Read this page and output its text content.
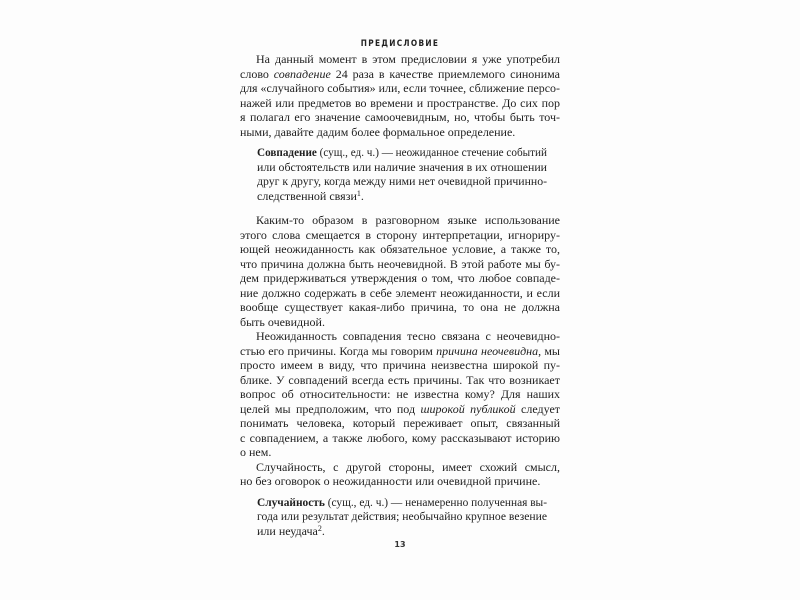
ПРЕДИСЛОВИЕ
На данный момент в этом предисловии я уже употребил
слово совпадение 24 раза в качестве приемлемого синонима
для «случайного события» или, если точнее, сближение персо-
нажей или предметов во времени и пространстве. До сих пор
я полагал его значение самоочевидным, но, чтобы быть точ-
ными, давайте дадим более формальное определение.
Совпадение (сущ., ед. ч.) — неожиданное стечение событий
или обстоятельств или наличие значения в их отношении
друг к другу, когда между ними нет очевидной причинно-
следственной связи$^1$.
Каким-то образом в разговорном языке использование
этого слова смещается в сторону интерпретации, игнориру-
ющей неожиданность как обязательное условие, а также то,
что причина должна быть неочевидной. В этой работе мы бу-
дем придерживаться утверждения о том, что любое совпаде-
ние должно содержать в себе элемент неожиданности, и если
вообще существует какая-либо причина, то она не должна
быть очевидной.
Неожиданность совпадения тесно связана с неочевидно-
стью его причины. Когда мы говорим причина неочевидна, мы
просто имеем в виду, что причина неизвестна широкой пу-
блике. У совпадений всегда есть причины. Так что возникает
вопрос об относительности: не известна кому? Для наших
целей мы предположим, что под широкой публикой следует
понимать человека, который переживает опыт, связанный
с совпадением, а также любого, кому рассказывают историю
о нем.
Случайность, с другой стороны, имеет схожий смысл,
но без оговорок о неожиданности или очевидной причине.
Случайность (сущ., ед. ч.) — ненамеренно полученная вы-
года или результат действия; необычайно крупное везение
или неудача$^2$.
13
